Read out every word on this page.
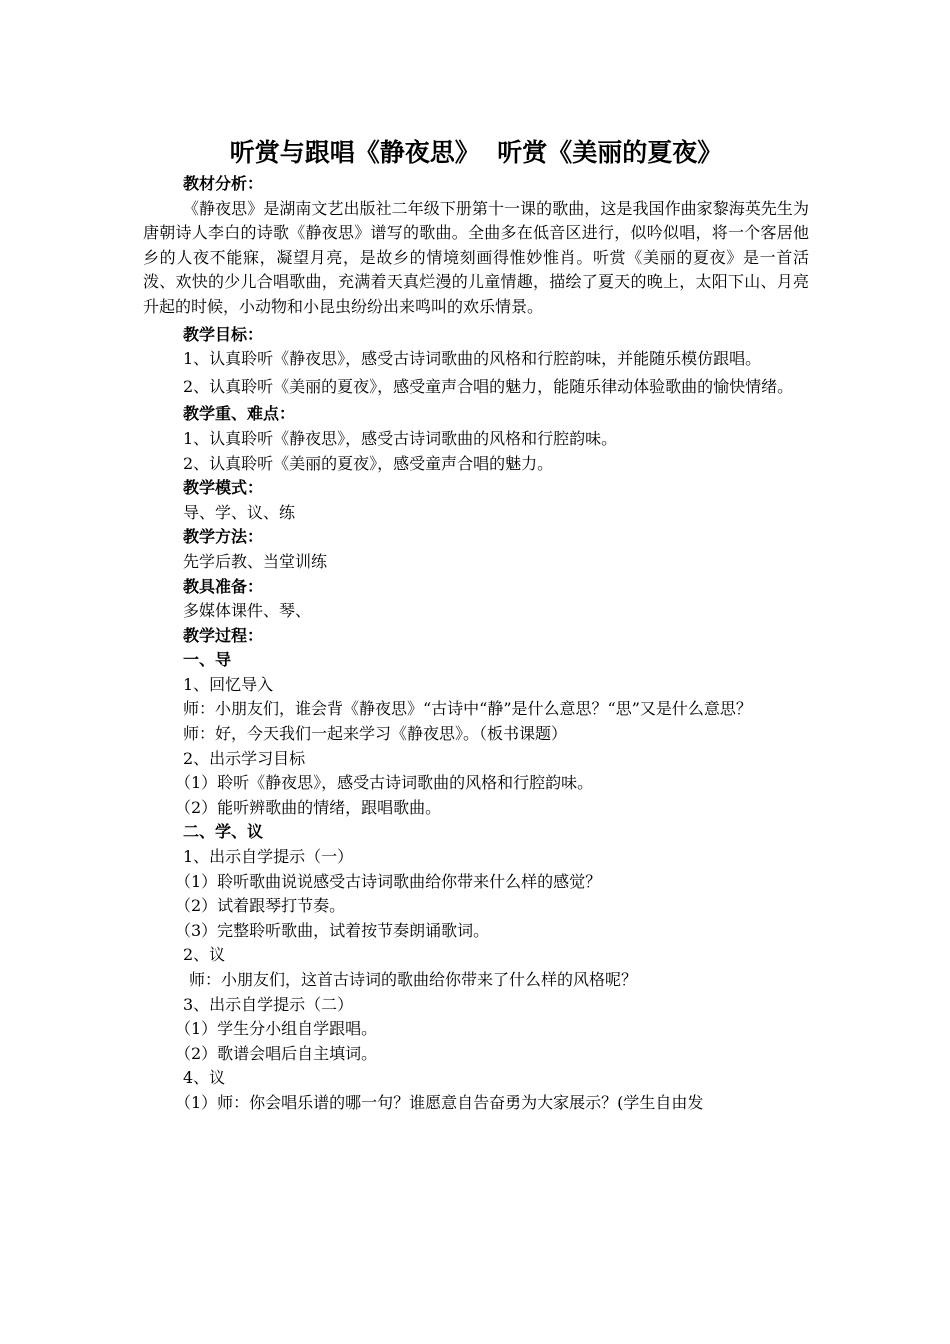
听赏与跟唱《静夜思》  听赏《美丽的夏夜》

教材分析：

《静夜思》是湖南文艺出版社二年级下册第十一课的歌曲，这是我国作曲家黎海英先生为唐朝诗人李白的诗歌《静夜思》谱写的歌曲。全曲多在低音区进行，似吟似唱，将一个客居他乡的人夜不能寐，凝望月亮，是故乡的情境刻画得惟妙惟肖。听赏《美丽的夏夜》是一首活泼、欢快的少儿合唱歌曲，充满着天真烂漫的儿童情趣，描绘了夏天的晚上，太阳下山、月亮升起的时候，小动物和小昆虫纷纷出来鸣叫的欢乐情景。

教学目标：

1、认真聆听《静夜思》，感受古诗词歌曲的风格和行腔韵味，并能随乐模仿跟唱。

2、认真聆听《美丽的夏夜》，感受童声合唱的魅力，能随乐律动体验歌曲的愉快情绪。

教学重、难点：

1、认真聆听《静夜思》，感受古诗词歌曲的风格和行腔韵味。

2、认真聆听《美丽的夏夜》，感受童声合唱的魅力。

教学模式：

导、学、议、练

教学方法：

先学后教、当堂训练

教具准备：

多媒体课件、琴、

教学过程：

一、导

1、回忆导入

师：小朋友们，谁会背《静夜思》“古诗中“静”是什么意思？“思”又是什么意思？

师：好，今天我们一起来学习《静夜思》。（板书课题）

2、出示学习目标

（1）聆听《静夜思》，感受古诗词歌曲的风格和行腔韵味。

（2）能听辨歌曲的情绪，跟唱歌曲。

二、学、议

1、出示自学提示（一）

（1）聆听歌曲说说感受古诗词歌曲给你带来什么样的感觉？

（2）试着跟琴打节奏。

（3）完整聆听歌曲，试着按节奏朗诵歌词。

2、议

师：小朋友们，这首古诗词的歌曲给你带来了什么样的风格呢？

3、出示自学提示（二）

（1）学生分小组自学跟唱。

（2）歌谱会唱后自主填词。

4、议

（1）师：你会唱乐谱的哪一句？谁愿意自告奋勇为大家展示？(学生自由发
